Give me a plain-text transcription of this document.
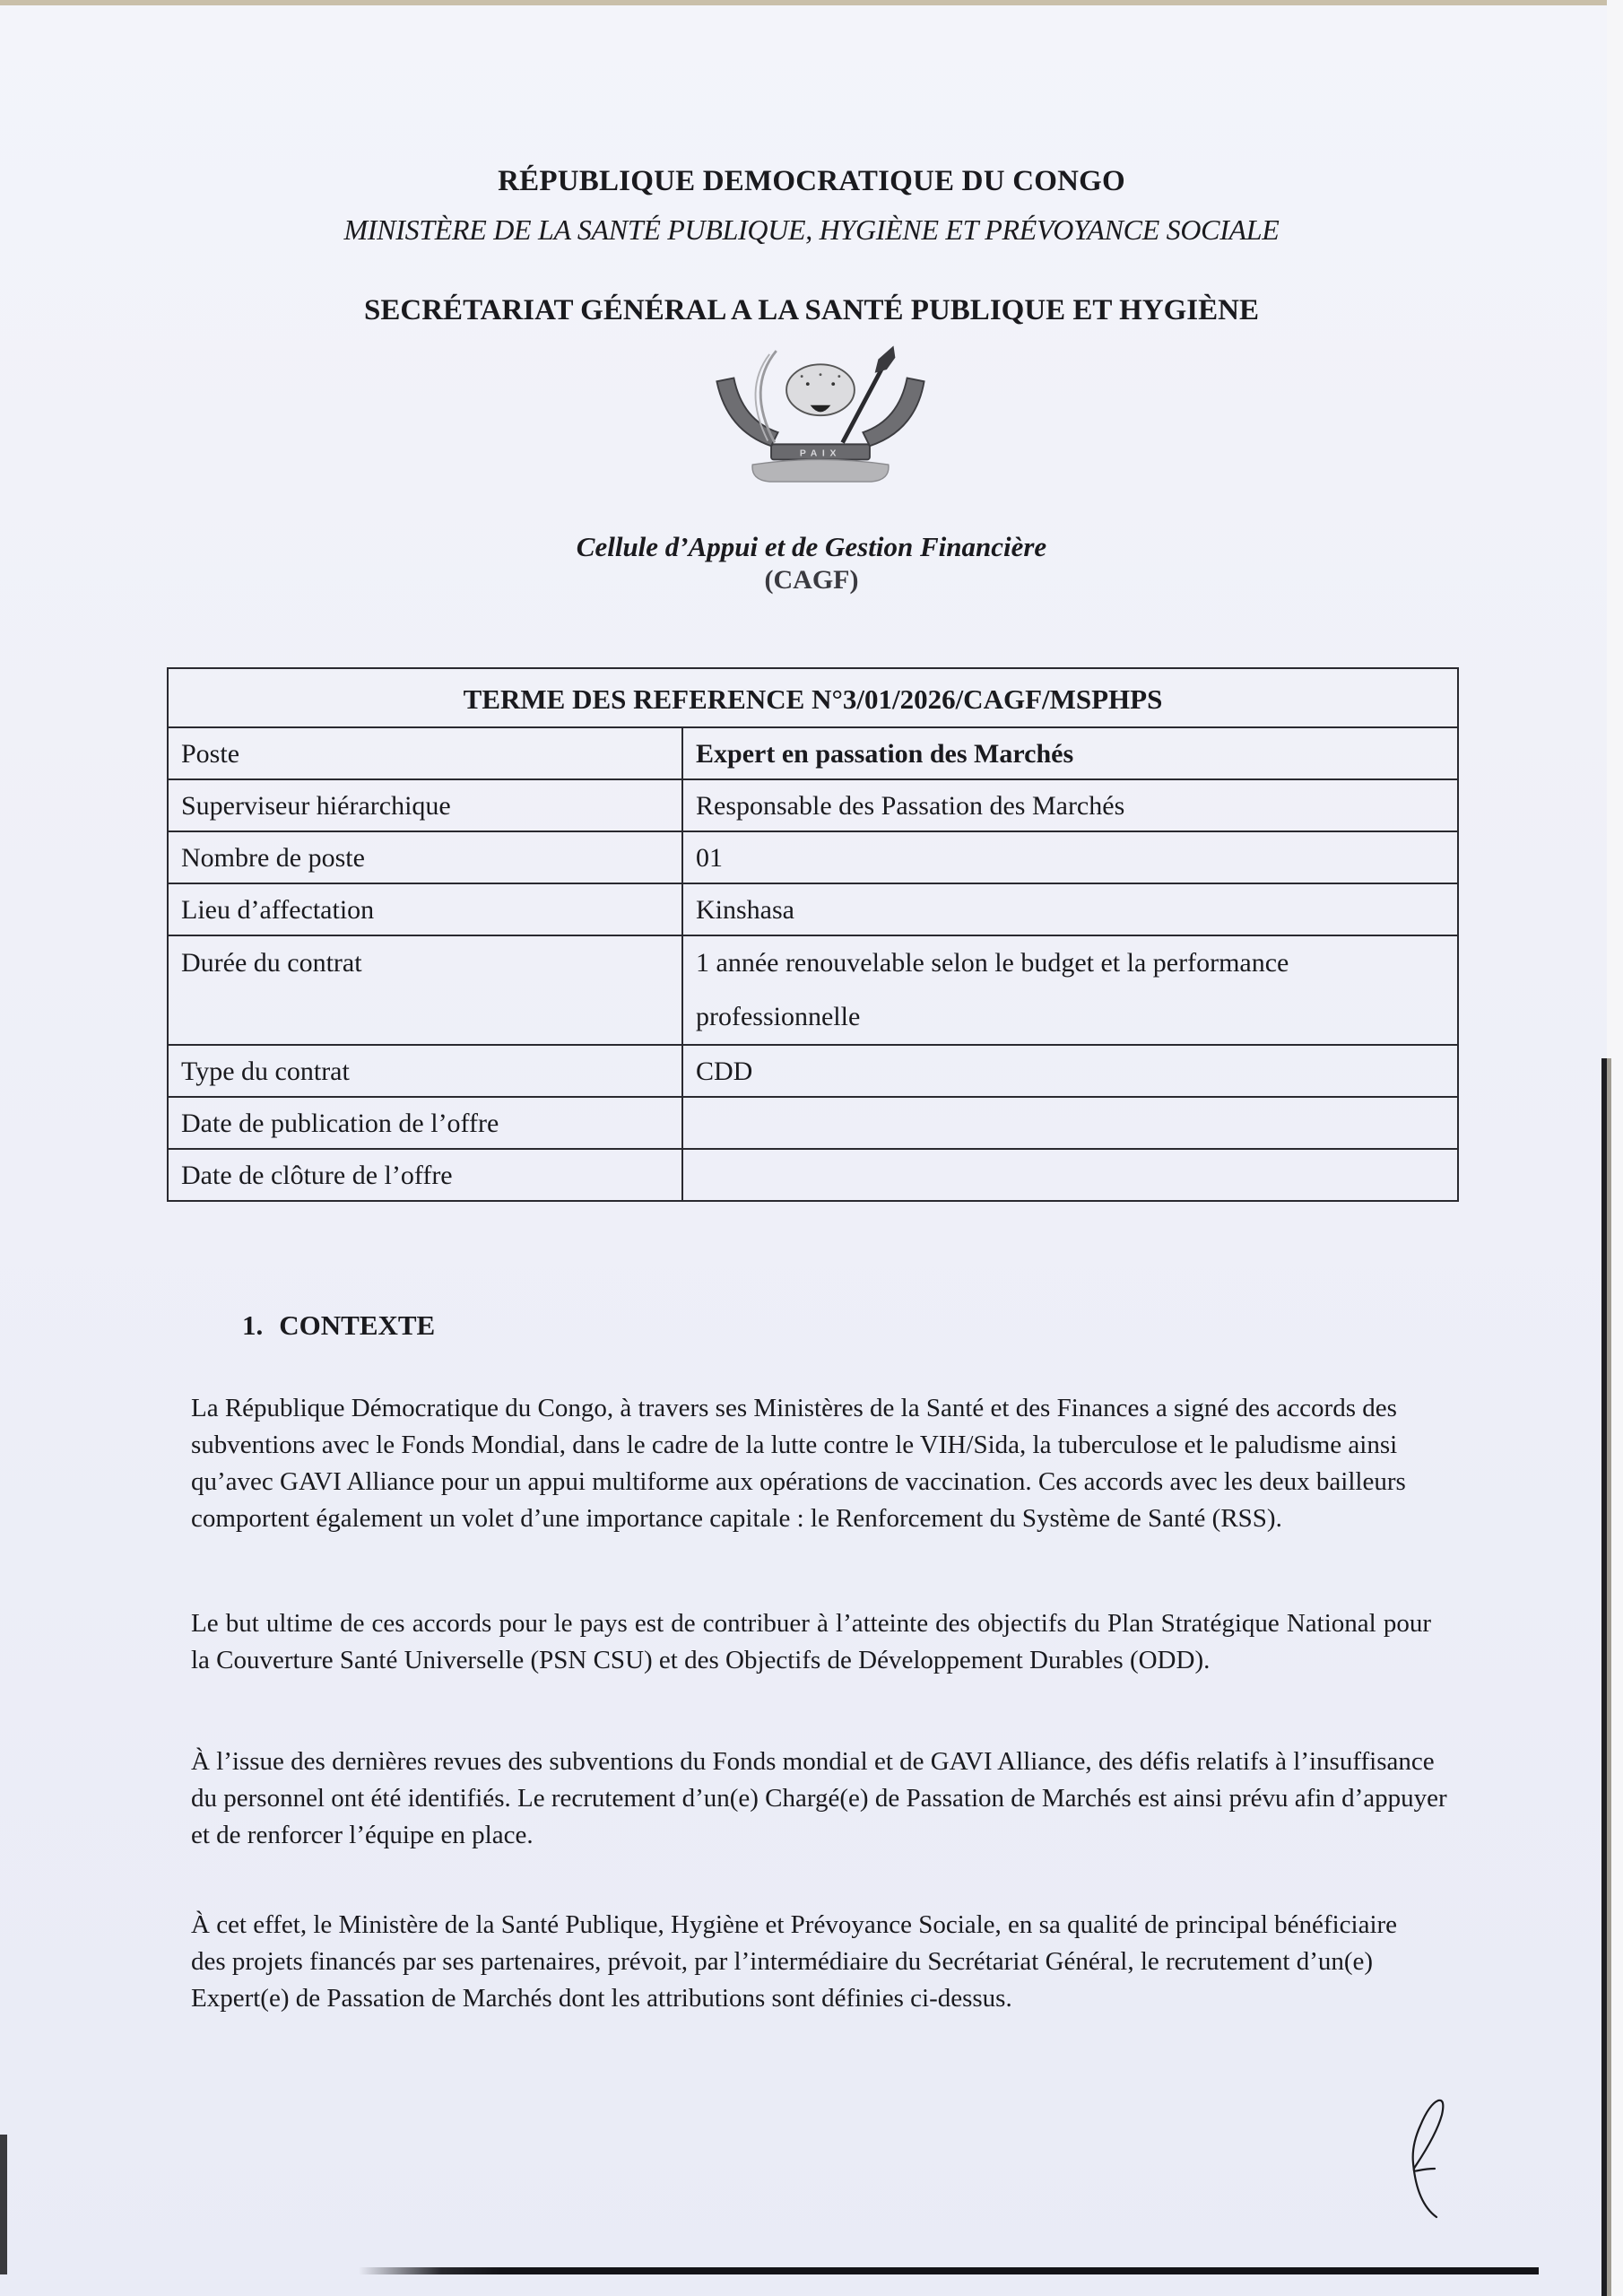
RÉPUBLIQUE DEMOCRATIQUE DU CONGO
MINISTÈRE DE LA SANTÉ PUBLIQUE, HYGIÈNE ET PRÉVOYANCE SOCIALE
SECRÉTARIAT GÉNÉRAL A LA SANTÉ PUBLIQUE ET HYGIÈNE
PAIX
Cellule d’Appui et de Gestion Financière
(CAGF)
TERME DES REFERENCE N°3/01/2026/CAGF/MSPHPS	
Poste	Expert en passation des Marchés
Superviseur hiérarchique	Responsable des Passation des Marchés
Nombre de poste	01
Lieu d’affectation	Kinshasa
Durée du contrat	1 année renouvelable selon le budget et la performance professionnelle
Type du contrat	CDD
Date de publication de l’offre	
Date de clôture de l’offre	
1. CONTEXTE

La République Démocratique du Congo, à travers ses Ministères de la Santé et des Finances a signé des accords des subventions avec le Fonds Mondial, dans le cadre de la lutte contre le VIH/Sida, la tuberculose et le paludisme ainsi qu’avec GAVI Alliance pour un appui multiforme aux opérations de vaccination. Ces accords avec les deux bailleurs comportent également un volet d’une importance capitale : le Renforcement du Système de Santé (RSS).

Le but ultime de ces accords pour le pays est de contribuer à l’atteinte des objectifs du Plan Stratégique National pour la Couverture Santé Universelle (PSN CSU) et des Objectifs de Développement Durables (ODD).

À l’issue des dernières revues des subventions du Fonds mondial et de GAVI Alliance, des défis relatifs à l’insuffisance du personnel ont été identifiés. Le recrutement d’un(e) Chargé(e) de Passation de Marchés est ainsi prévu afin d’appuyer et de renforcer l’équipe en place.

À cet effet, le Ministère de la Santé Publique, Hygiène et Prévoyance Sociale, en sa qualité de principal bénéficiaire des projets financés par ses partenaires, prévoit, par l’intermédiaire du Secrétariat Général, le recrutement d’un(e) Expert(e) de Passation de Marchés dont les attributions sont définies ci-dessus.
